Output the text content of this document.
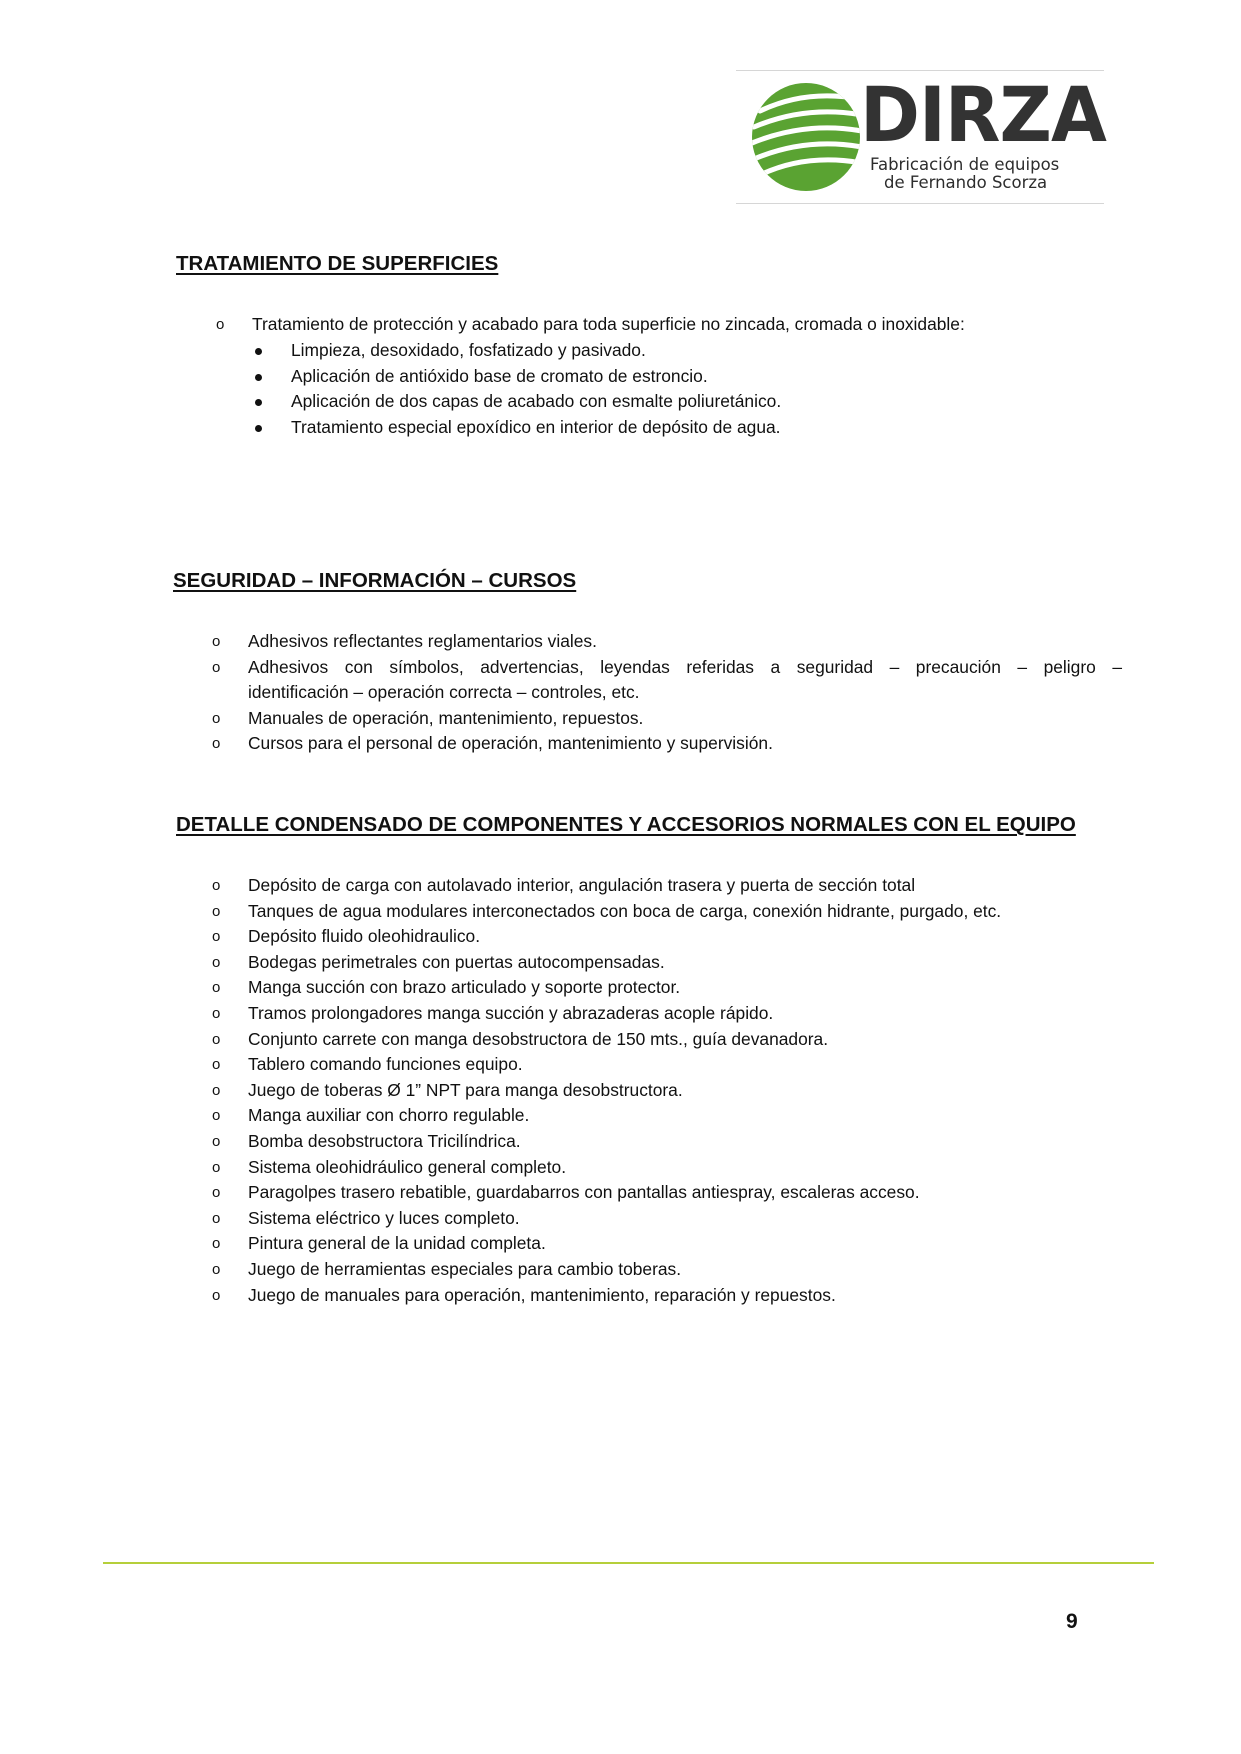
DIRZA
Fabricación de equipos
de Fernando Scorza
TRATAMIENTO DE SUPERFICIES
o Tratamiento de protección y acabado para toda superficie no zincada, cromada o inoxidable:
Limpieza, desoxidado, fosfatizado y pasivado.
Aplicación de antióxido base de cromato de estroncio.
Aplicación de dos capas de acabado con esmalte poliuretánico.
Tratamiento especial epoxídico en interior de depósito de agua.
SEGURIDAD – INFORMACIÓN – CURSOS
o Adhesivos reflectantes reglamentarios viales.
o Adhesivos con símbolos, advertencias, leyendas referidas a seguridad – precaución – peligro –
identificación – operación correcta – controles, etc.
o Manuales de operación, mantenimiento, repuestos.
o Cursos para el personal de operación, mantenimiento y supervisión.
DETALLE CONDENSADO DE COMPONENTES Y ACCESORIOS NORMALES CON EL EQUIPO
o Depósito de carga con autolavado interior, angulación trasera y puerta de sección total
o Tanques de agua modulares interconectados con boca de carga, conexión hidrante, purgado, etc.
o Depósito fluido oleohidraulico.
o Bodegas perimetrales con puertas autocompensadas.
o Manga succión con brazo articulado y soporte protector.
o Tramos prolongadores manga succión y abrazaderas acople rápido.
o Conjunto carrete con manga desobstructora de 150 mts., guía devanadora.
o Tablero comando funciones equipo.
o Juego de toberas Ø 1” NPT para manga desobstructora.
o Manga auxiliar con chorro regulable.
o Bomba desobstructora Tricilíndrica.
o Sistema oleohidráulico general completo.
o Paragolpes trasero rebatible, guardabarros con pantallas antiespray, escaleras acceso.
o Sistema eléctrico y luces completo.
o Pintura general de la unidad completa.
o Juego de herramientas especiales para cambio toberas.
o Juego de manuales para operación, mantenimiento, reparación y repuestos.
9
